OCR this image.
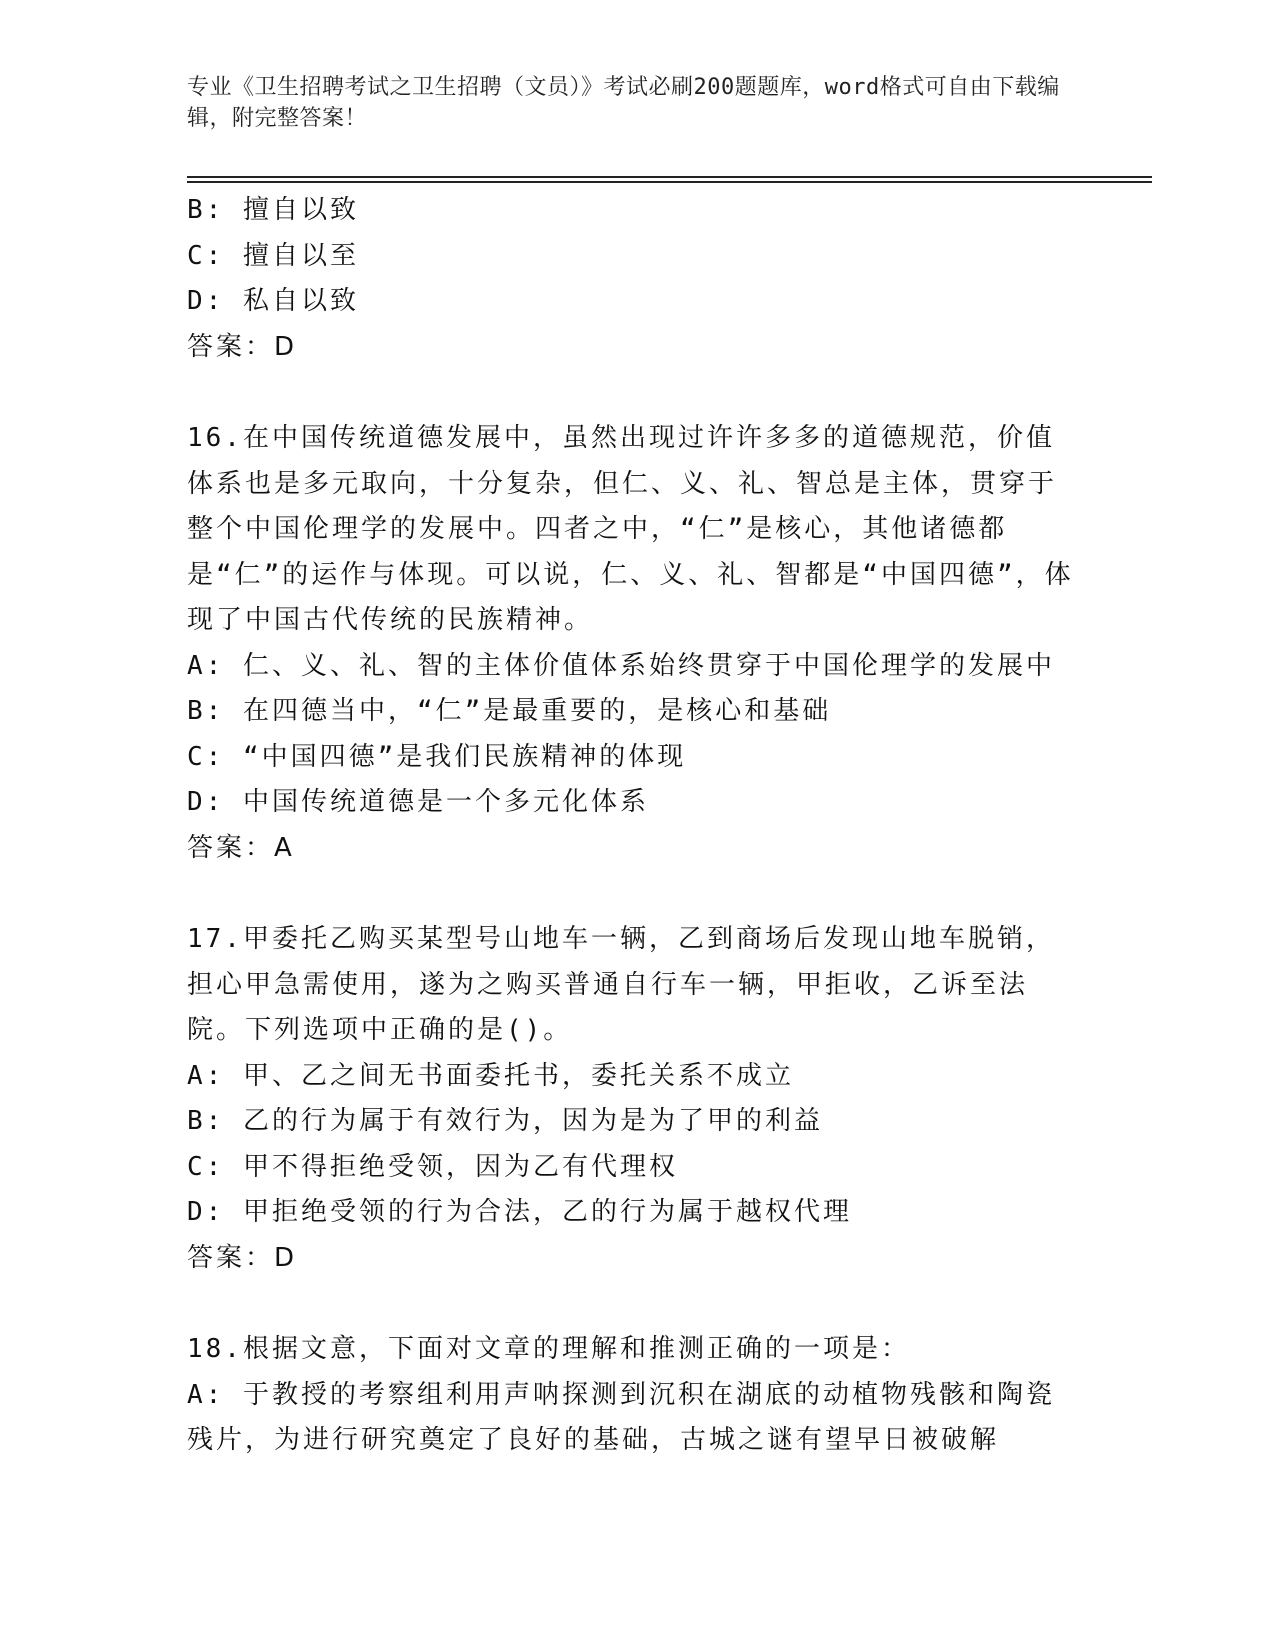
专业《卫生招聘考试之卫生招聘（文员）》考试必刷200题题库，word格式可自由下载编辑，附完整答案！

B: 擅自以致

C: 擅自以至

D: 私自以致

答案：D

16.在中国传统道德发展中，虽然出现过许许多多的道德规范，价值体系也是多元取向，十分复杂，但仁、义、礼、智总是主体，贯穿于整个中国伦理学的发展中。四者之中，“仁”是核心，其他诸德都是“仁”的运作与体现。可以说，仁、义、礼、智都是“中国四德”，体现了中国古代传统的民族精神。

A: 仁、义、礼、智的主体价值体系始终贯穿于中国伦理学的发展中

B: 在四德当中，“仁”是最重要的，是核心和基础

C: “中国四德”是我们民族精神的体现

D: 中国传统道德是一个多元化体系

答案：A

17.甲委托乙购买某型号山地车一辆，乙到商场后发现山地车脱销，担心甲急需使用，遂为之购买普通自行车一辆，甲拒收，乙诉至法院。下列选项中正确的是()。

A: 甲、乙之间无书面委托书，委托关系不成立

B: 乙的行为属于有效行为，因为是为了甲的利益

C: 甲不得拒绝受领，因为乙有代理权

D: 甲拒绝受领的行为合法，乙的行为属于越权代理

答案：D

18.根据文意，下面对文章的理解和推测正确的一项是：

A: 于教授的考察组利用声呐探测到沉积在湖底的动植物残骸和陶瓷残片，为进行研究奠定了良好的基础，古城之谜有望早日被破解
